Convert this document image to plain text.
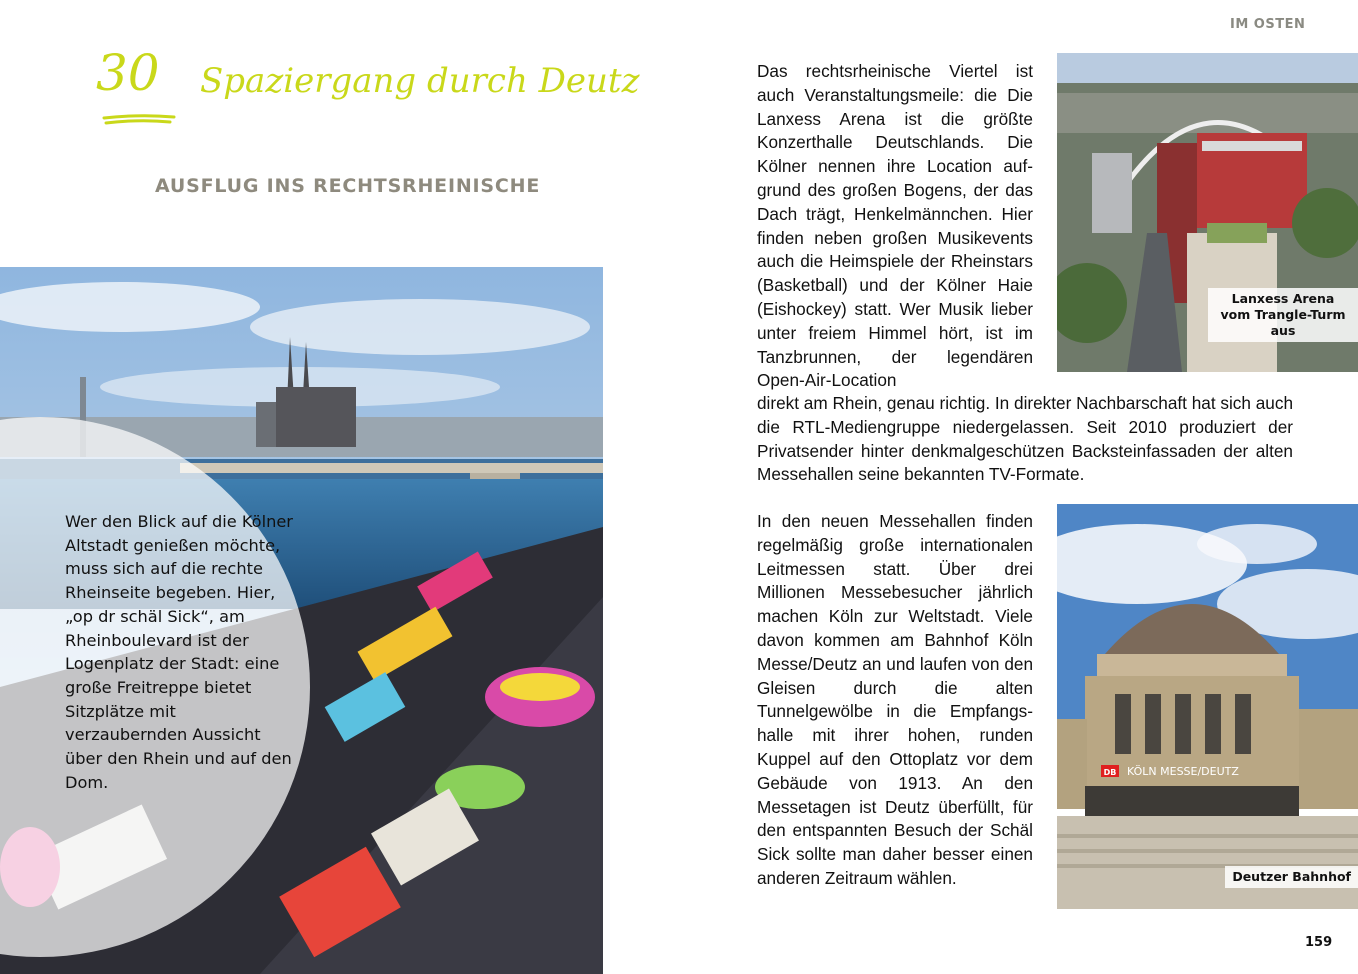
IM OSTEN
30 Spaziergang durch Deutz
AUSFLUG INS RECHTSRHEINISCHE
Wer den Blick auf die Kölner Altstadt genießen möchte, muss sich auf die rechte Rheinseite begeben. Hier, „op dr schäl Sick“, am Rheinboulevard ist der Logenplatz der Stadt: eine große Freitreppe bietet Sitzplätze mit verzaubernden Aussicht über den Rhein und auf den Dom.
Das rechtsrheinische Viertel ist auch Veranstaltungsmeile: die Die Lanxess Arena ist die größte Konzerthalle Deutschlands. Die Kölner nennen ihre Location aufgrund des großen Bogens, der das Dach trägt, Henkelmännchen. Hier finden neben großen Musikevents auch die Heimspiele der Rheinstars (Basketball) und der Kölner Haie (Eishockey) statt. Wer Musik lieber unter freiem Himmel hört, ist im Tanzbrunnen, der legendären Open-Air-Location
direkt am Rhein, genau richtig. In direkter Nachbarschaft hat sich auch die RTL-Mediengruppe niedergelassen. Seit 2010 produziert der Privatsender hinter denkmalgeschützen Backsteinfassaden der alten Messehallen seine bekannten TV-Formate.
In den neuen Messehallen finden regelmäßig große internationalen Leitmessen statt. Über drei Millionen Messebesucher jährlich machen Köln zur Weltstadt. Viele davon kommen am Bahnhof Köln Messe/Deutz an und laufen von den Gleisen durch die alten Tunnelgewölbe in die Empfangshalle mit ihrer hohen, runden Kuppel auf den Ottoplatz vor dem Gebäude von 1913. An den Messetagen ist Deutz überfüllt, für den entspannten Besuch der Schäl Sick sollte man daher besser einen anderen Zeitraum wählen.
Lanxess Arena vom Trangle-Turm aus
DB KÖLN MESSE/DEUTZ
Deutzer Bahnhof
159
